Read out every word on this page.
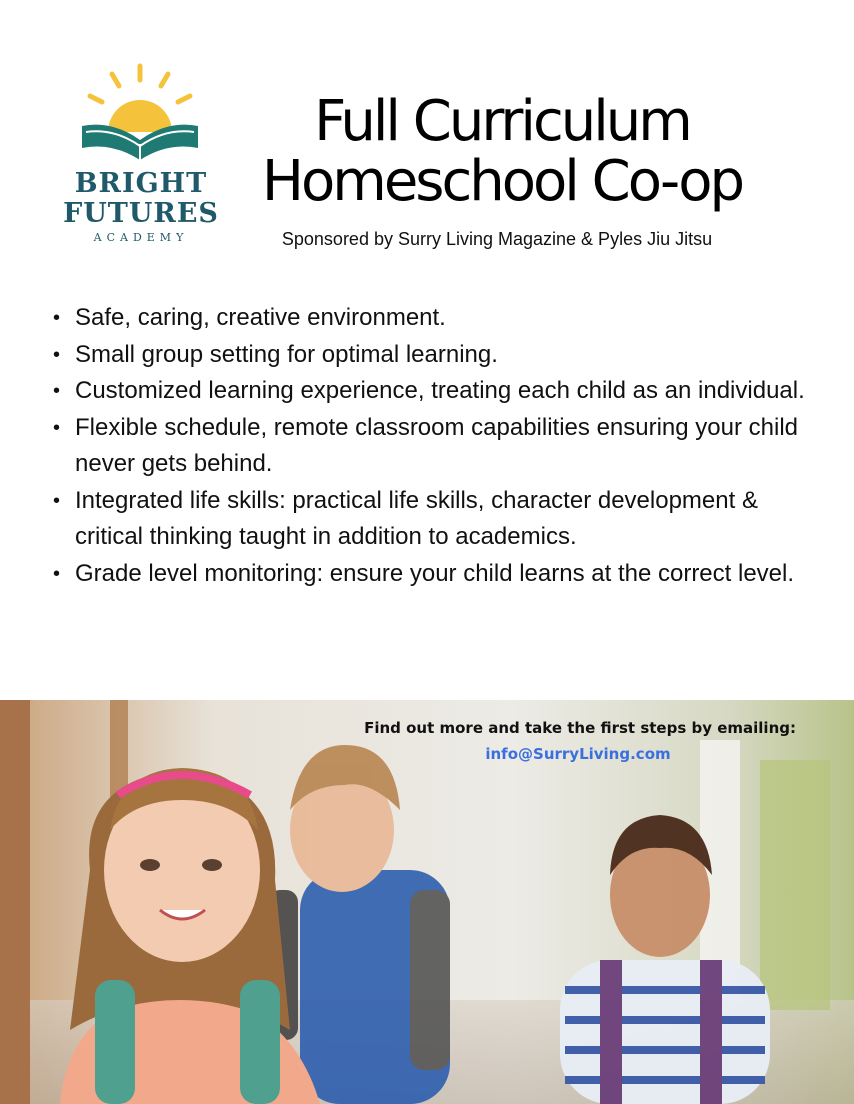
BRIGHT
FUTURES
ACADEMY
Full Curriculum
Homeschool Co-op
Sponsored by Surry Living Magazine & Pyles Jiu Jitsu
• Safe, caring, creative environment.
• Small group setting for optimal learning.
• Customized learning experience, treating each child as an individual.
• Flexible schedule, remote classroom capabilities ensuring your child never gets behind.
• Integrated life skills: practical life skills, character development & critical thinking taught in addition to academics.
• Grade level monitoring: ensure your child learns at the correct level.
Find out more and take the first steps by emailing:
info@SurryLiving.com
